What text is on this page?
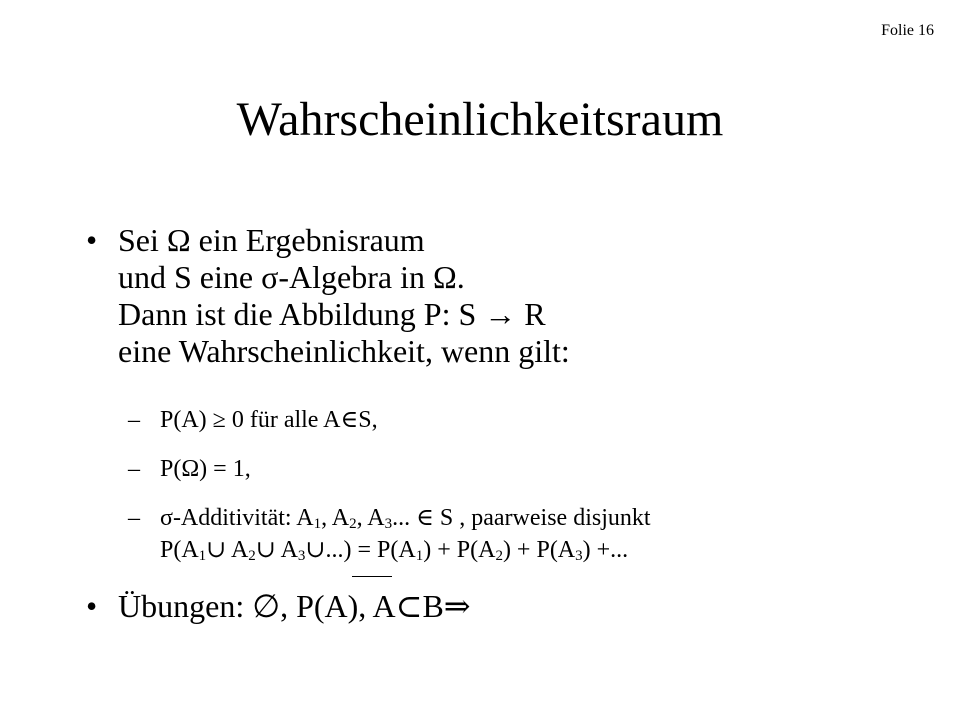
Folie 16
Wahrscheinlichkeitsraum
• Sei Ω ein Ergebnisraum
und S eine σ-Algebra in Ω.
Dann ist die Abbildung P: S → R
eine Wahrscheinlichkeit, wenn gilt:
– P(A) ≥ 0 für alle A∈S,
– P(Ω) = 1,
– σ-Additivität: $A_1$, $A_2$, $A_3$... ∈ S , paarweise disjunkt
$P(A_1\cup$ $A_2\cup$ $A_3\cup...) = P(A_1) + P(A_2) + P(A_3)$ +...
• Übungen: ∅, P(A), A⊂B⇒
